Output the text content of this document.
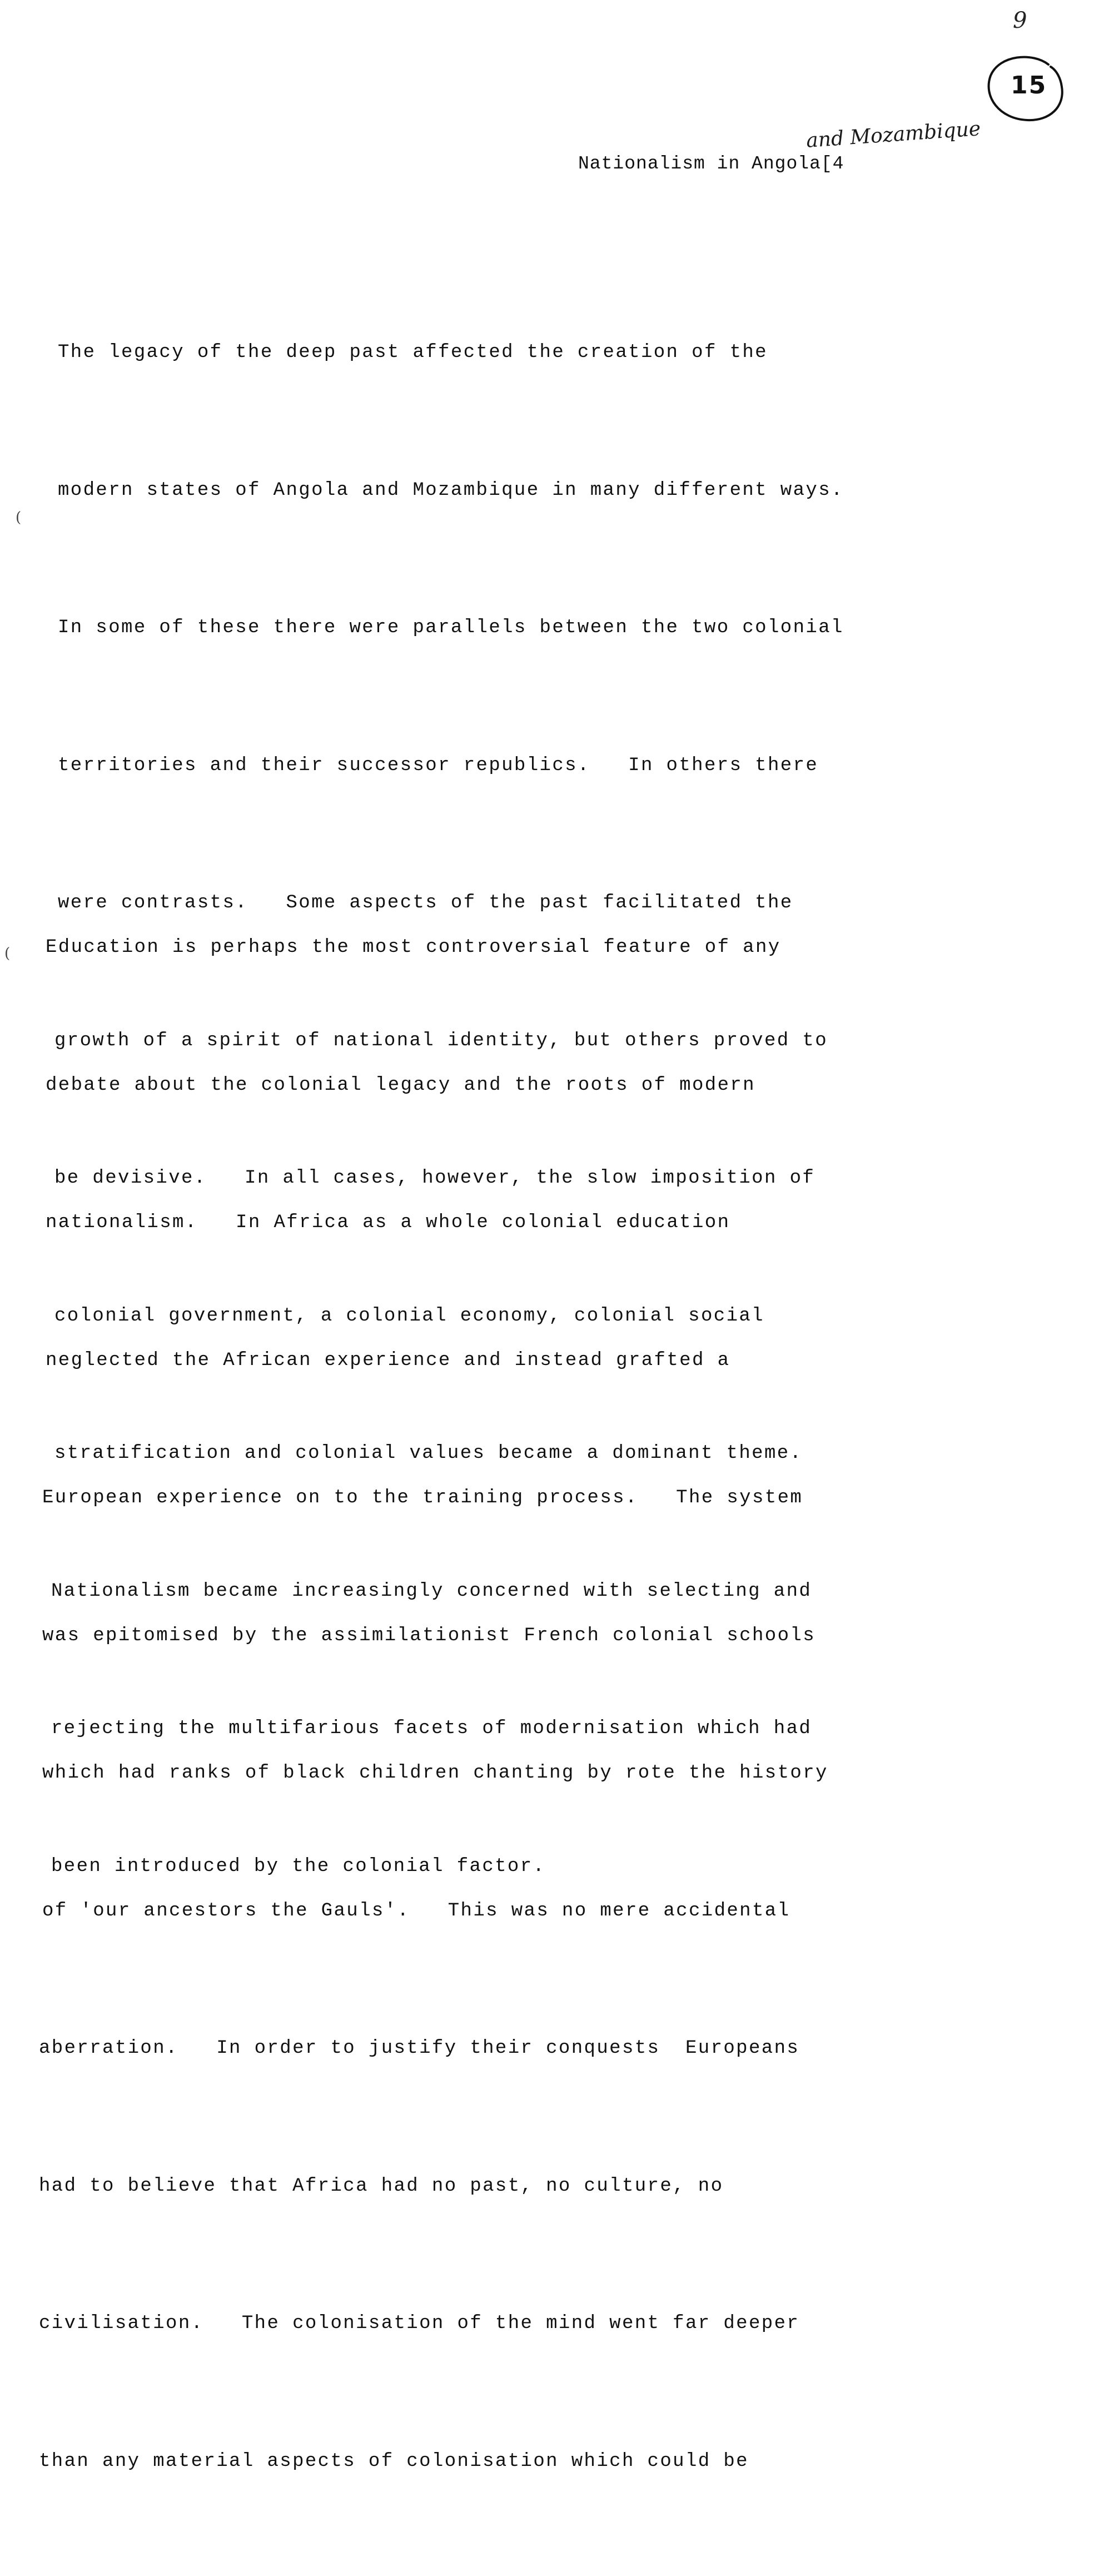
9
15
and Mozambique
Nationalism in Angola[4
(
(

The legacy of the deep past affected the creation of the

modern states of Angola and Mozambique in many different ways.

In some of these there were parallels between the two colonial

territories and their successor republics.   In others there

were contrasts.   Some aspects of the past facilitated the

growth of a spirit of national identity, but others proved to

be devisive.   In all cases, however, the slow imposition of

colonial government, a colonial economy, colonial social

stratification and colonial values became a dominant theme.

Nationalism became increasingly concerned with selecting and

rejecting the multifarious facets of modernisation which had

been introduced by the colonial factor.

Education is perhaps the most controversial feature of any

debate about the colonial legacy and the roots of modern

nationalism.   In Africa as a whole colonial education

neglected the African experience and instead grafted a

European experience on to the training process.   The system

was epitomised by the assimilationist French colonial schools

which had ranks of black children chanting by rote the history

of 'our ancestors the Gauls'.   This was no mere accidental

aberration.   In order to justify their conquests  Europeans

had to believe that Africa had no past, no culture, no

civilisation.   The colonisation of the mind went far deeper

than any material aspects of colonisation which could be
